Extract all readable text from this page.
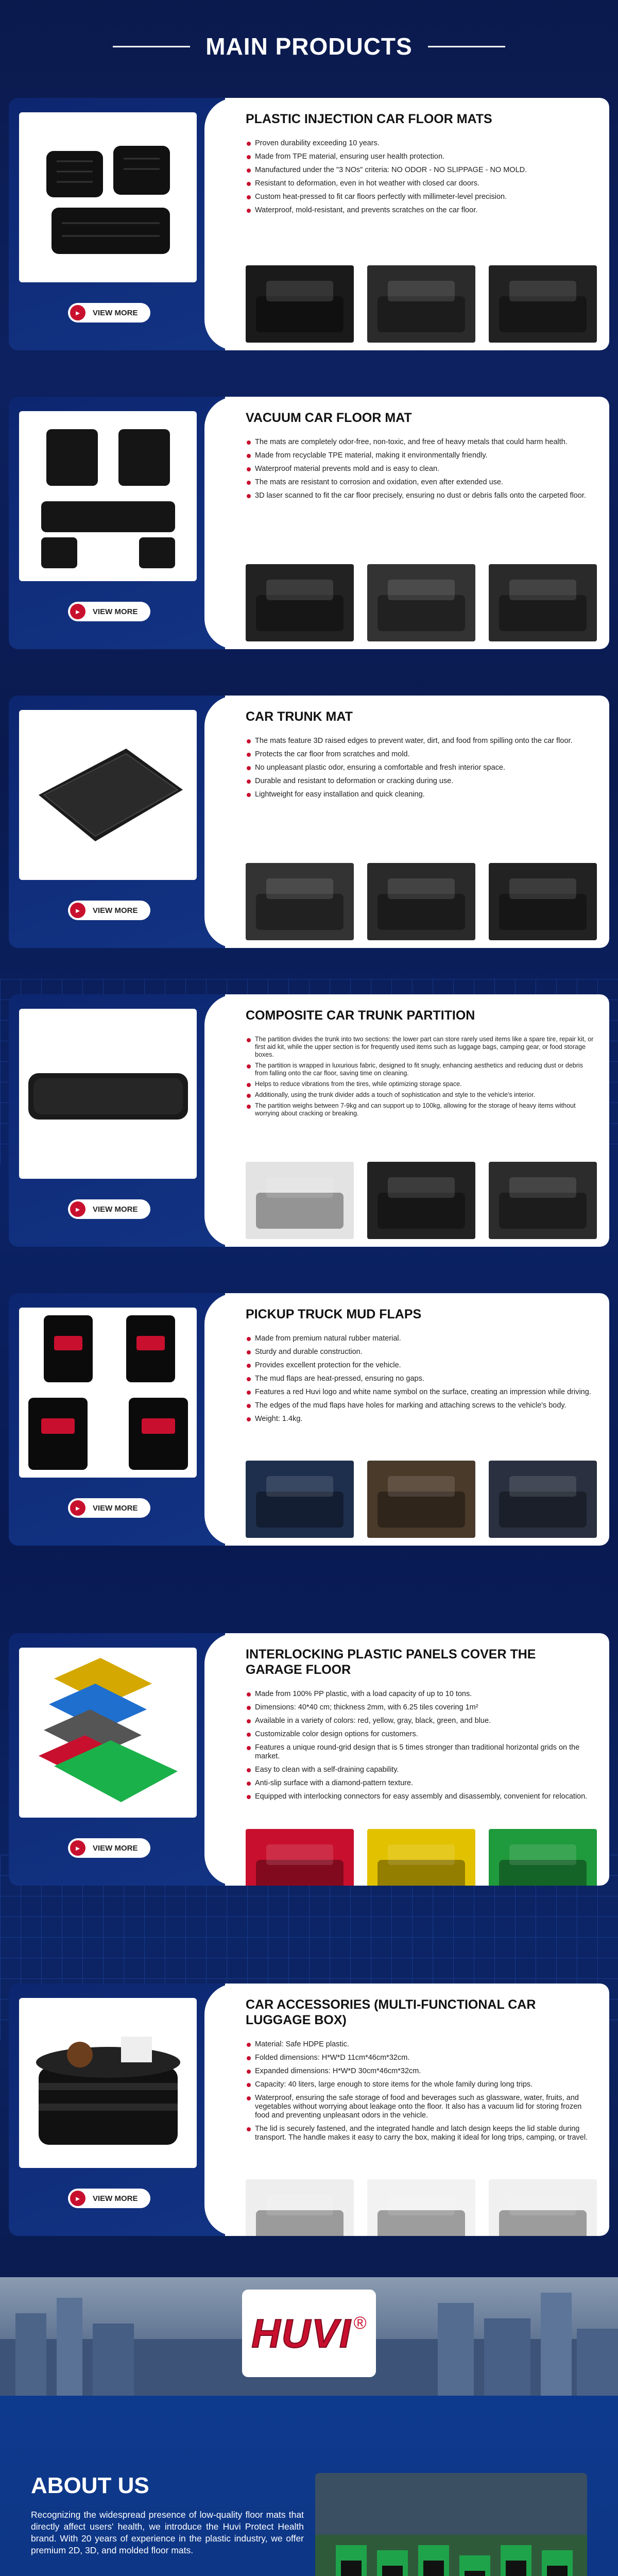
MAIN PRODUCTS
►	VIEW MORE
PLASTIC INJECTION CAR FLOOR MATS
Proven durability exceeding 10 years.
Made from TPE material, ensuring user health protection.
Manufactured under the "3 NOs" criteria: NO ODOR - NO SLIPPAGE - NO MOLD.
Resistant to deformation, even in hot weather with closed car doors.
Custom heat-pressed to fit car floors perfectly with millimeter-level precision.
Waterproof, mold-resistant, and prevents scratches on the car floor.
►	VIEW MORE
VACUUM CAR FLOOR MAT
The mats are completely odor-free, non-toxic, and free of heavy metals that could harm health.
Made from recyclable TPE material, making it environmentally friendly.
Waterproof material prevents mold and is easy to clean.
The mats are resistant to corrosion and oxidation, even after extended use.
3D laser scanned to fit the car floor precisely, ensuring no dust or debris falls onto the carpeted floor.
►	VIEW MORE
CAR TRUNK MAT
The mats feature 3D raised edges to prevent water, dirt, and food from spilling onto the car floor.
Protects the car floor from scratches and mold.
No unpleasant plastic odor, ensuring a comfortable and fresh interior space.
Durable and resistant to deformation or cracking during use.
Lightweight for easy installation and quick cleaning.
►	VIEW MORE
COMPOSITE CAR TRUNK PARTITION
The partition divides the trunk into two sections: the lower part can store rarely used items like a spare tire, repair kit, or first aid kit, while the upper section is for frequently used items such as luggage bags, camping gear, or food storage boxes.
The partition is wrapped in luxurious fabric, designed to fit snugly, enhancing aesthetics and reducing dust or debris from falling onto the car floor, saving time on cleaning.
Helps to reduce vibrations from the tires, while optimizing storage space.
Additionally, using the trunk divider adds a touch of sophistication and style to the vehicle's interior.
The partition weighs between 7-9kg and can support up to 100kg, allowing for the storage of heavy items without worrying about cracking or breaking.
►	VIEW MORE
PICKUP TRUCK MUD FLAPS
Made from premium natural rubber material.
Sturdy and durable construction.
Provides excellent protection for the vehicle.
The mud flaps are heat-pressed, ensuring no gaps.
Features a red Huvi logo and white name symbol on the surface, creating an impression while driving.
The edges of the mud flaps have holes for marking and attaching screws to the vehicle's body.
Weight: 1.4kg.
►	VIEW MORE
INTERLOCKING PLASTIC PANELS COVER THE GARAGE FLOOR
Made from 100% PP plastic, with a load capacity of up to 10 tons.
Dimensions: 40*40 cm; thickness 2mm, with 6.25 tiles covering 1m²
Available in a variety of colors: red, yellow, gray, black, green, and blue.
Customizable color design options for customers.
Features a unique round-grid design that is 5 times stronger than traditional horizontal grids on the market.
Easy to clean with a self-draining capability.
Anti-slip surface with a diamond-pattern texture.
Equipped with interlocking connectors for easy assembly and disassembly, convenient for relocation.
►	VIEW MORE
CAR ACCESSORIES (MULTI-FUNCTIONAL CAR LUGGAGE BOX)
Material: Safe HDPE plastic.
Folded dimensions: H*W*D 11cm*46cm*32cm.
Expanded dimensions: H*W*D 30cm*46cm*32cm.
Capacity: 40 liters, large enough to store items for the whole family during long trips.
Waterproof, ensuring the safe storage of food and beverages such as glassware, water, fruits, and vegetables without worrying about leakage onto the floor. It also has a vacuum lid for storing frozen food and preventing unpleasant odors in the vehicle.
The lid is securely fastened, and the integrated handle and latch design keeps the lid stable during transport. The handle makes it easy to carry the box, making it ideal for long trips, camping, or travel.
HUVI ®
ABOUT US

Recognizing the widespread presence of low-quality floor mats that directly affect users' health, we introduce the Huvi Protect Health brand. With 20 years of experience in the plastic industry, we offer premium 2D, 3D, and molded floor mats.
